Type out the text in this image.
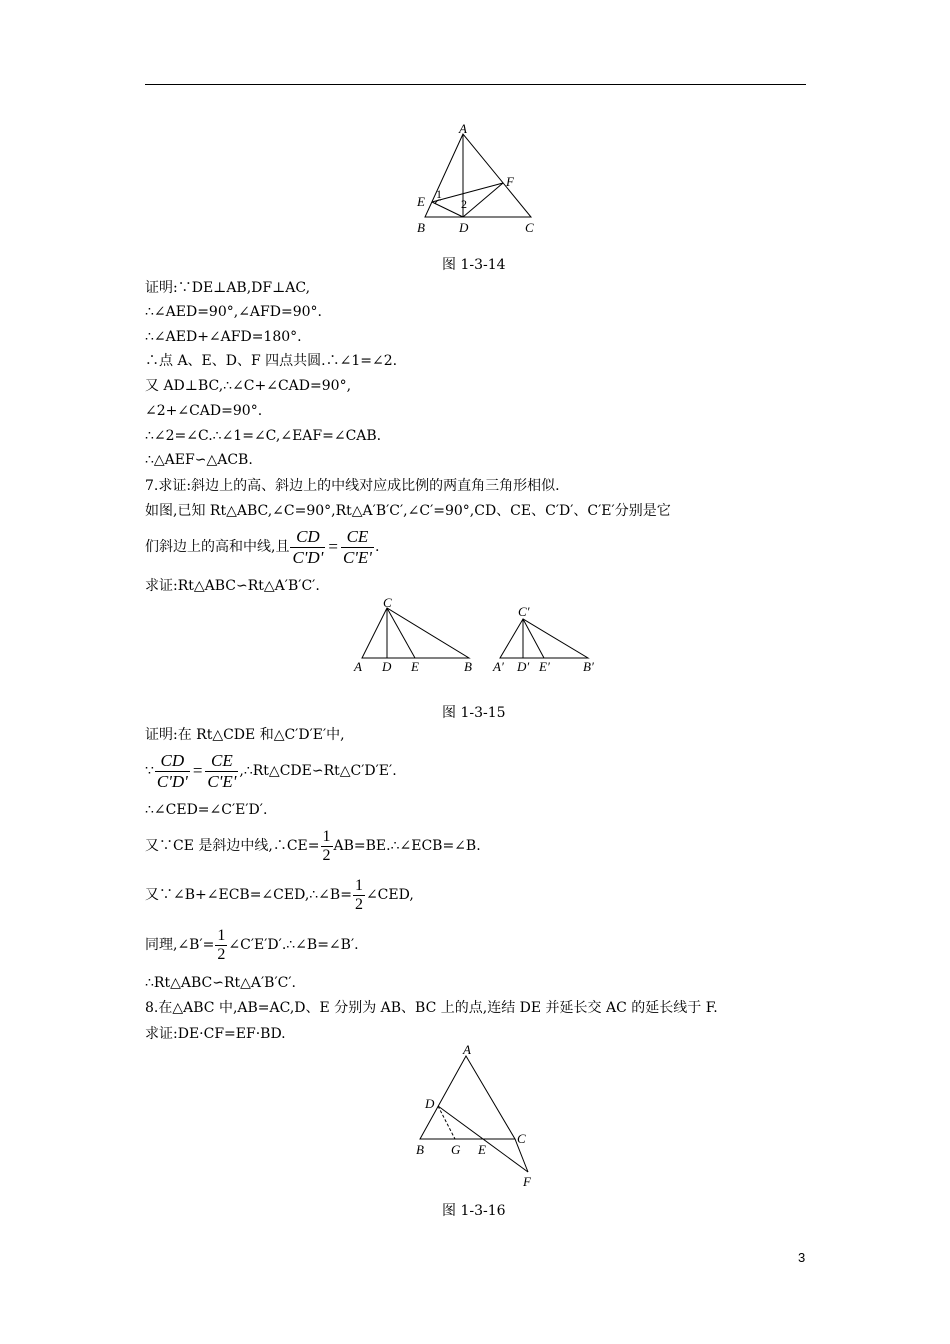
A
B	C
D
E
F
1
2
图 1-3-14
证明:∵DE⊥AB,DF⊥AC,
∴∠AED=90°,∠AFD=90°.
∴∠AED+∠AFD=180°.
∴点 A、E、D、F 四点共圆.∴∠1=∠2.
又 AD⊥BC,∴∠C+∠CAD=90°,
∠2+∠CAD=90°.
∴∠2=∠C.∴∠1=∠C,∠EAF=∠CAB.
∴△AEF∽△ACB.
7.求证:斜边上的高、斜边上的中线对应成比例的两直角三角形相似.
如图,已知 Rt△ABC,∠C=90°,Rt△A′B′C′,∠C′=90°,CD、CE、C′D′、C′E′分别是它
们斜边上的高和中线,且 $\frac{CD}{C'D'} = \frac{CE}{C'E'}$ .
求证:Rt△ABC∽Rt△A′B′C′.
C
A D E	B
C′
A′ D′ E′	B′
图 1-3-15
证明:在 Rt△CDE 和△C′D′E′中,
∵ $\frac{CD}{C'D'} = \frac{CE}{C'E'}$ ,∴Rt△CDE∽Rt△C′D′E′.
∴∠CED=∠C′E′D′.
又∵CE 是斜边中线,∴CE= $\frac{1}{2}$ AB=BE.∴∠ECB=∠B.
又∵∠B+∠ECB=∠CED,∴∠B= $\frac{1}{2}$ ∠CED,
同理,∠B′= $\frac{1}{2}$ ∠C′E′D′.∴∠B=∠B′.
∴Rt△ABC∽Rt△A′B′C′.
8.在△ABC 中,AB=AC,D、E 分别为 AB、BC 上的点,连结 DE 并延长交 AC 的延长线于 F.
求证:DE·CF=EF·BD.
A
D
C
B G E
F
图 1-3-16
3
